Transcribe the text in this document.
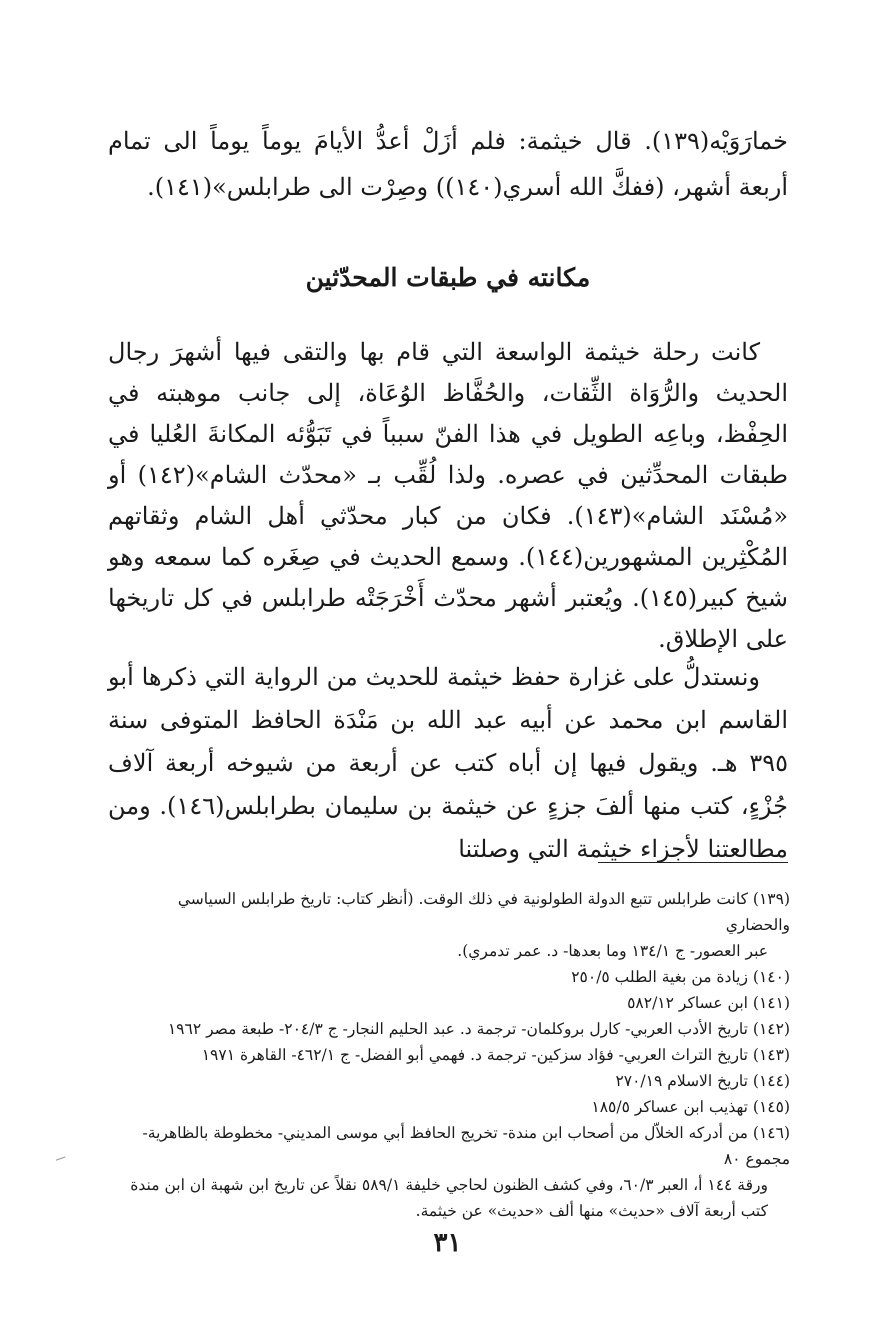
خمارَوَيْه(١٣٩). قال خيثمة: فلم أزَلْ أعدُّ الأيامَ يوماً يوماً الى تمام أربعة أشهر، (ففكَّ الله أسري(١٤٠)) وصِرْت الى طرابلس»(١٤١).

مكانته في طبقات المحدّثين

كانت رحلة خيثمة الواسعة التي قام بها والتقى فيها أشهرَ رجال الحديث والرُّوَاة الثِّقات، والحُفَّاظ الوُعَاة، إلى جانب موهبته في الحِفْظ، وباعِه الطويل في هذا الفنّ سبباً في تَبَوُّئه المكانةَ العُليا في طبقات المحدِّثين في عصره. ولذا لُقِّب بـ «محدّث الشام»(١٤٢) أو «مُسْنَد الشام»(١٤٣). فكان من كبار محدّثي أهل الشام وثقاتهم المُكْثِرين المشهورين(١٤٤). وسمع الحديث في صِغَره كما سمعه وهو شيخ كبير(١٤٥). ويُعتبر أشهر محدّث أَخْرَجَتْه طرابلس في كل تاريخها على الإطلاق.

ونستدلُّ على غزارة حفظ خيثمة للحديث من الرواية التي ذكرها أبو القاسم ابن محمد عن أبيه عبد الله بن مَنْدَة الحافظ المتوفى سنة ٣٩٥ هـ. ويقول فيها إن أباه كتب عن أربعة من شيوخه أربعة آلاف جُزْءٍ، كتب منها ألفَ جزءٍ عن خيثمة بن سليمان بطرابلس(١٤٦). ومن مطالعتنا لأجزاء خيثمة التي وصلتنا

(١٣٩) كانت طرابلس تتبع الدولة الطولونية في ذلك الوقت. (أنظر كتاب: تاريخ طرابلس السياسي والحضاري
عبر العصور- ج ١٣٤/١ وما بعدها- د. عمر تدمري).
(١٤٠) زيادة من بغية الطلب ٢٥٠/٥
(١٤١) ابن عساكر ٥٨٢/١٢
(١٤٢) تاريخ الأدب العربي- كارل بروكلمان- ترجمة د. عبد الحليم النجار- ج ٢٠٤/٣- طبعة مصر ١٩٦٢
(١٤٣) تاريخ التراث العربي- فؤاد سزكين- ترجمة د. فهمي أبو الفضل- ج ٤٦٢/١- القاهرة ١٩٧١
(١٤٤) تاريخ الاسلام ٢٧٠/١٩
(١٤٥) تهذيب ابن عساكر ١٨٥/٥
(١٤٦) من أدركه الخلاّل من أصحاب ابن مندة- تخريج الحافظ أبي موسى المديني- مخطوطة بالظاهرية- مجموع ٨٠
ورقة ١٤٤ أ، العبر ٦٠/٣، وفي كشف الظنون لحاجي خليفة ٥٨٩/١ نقلاً عن تاريخ ابن شهبة ان ابن مندة كتب أربعة آلاف «حديث» منها ألف «حديث» عن خيثمة.
٣١
